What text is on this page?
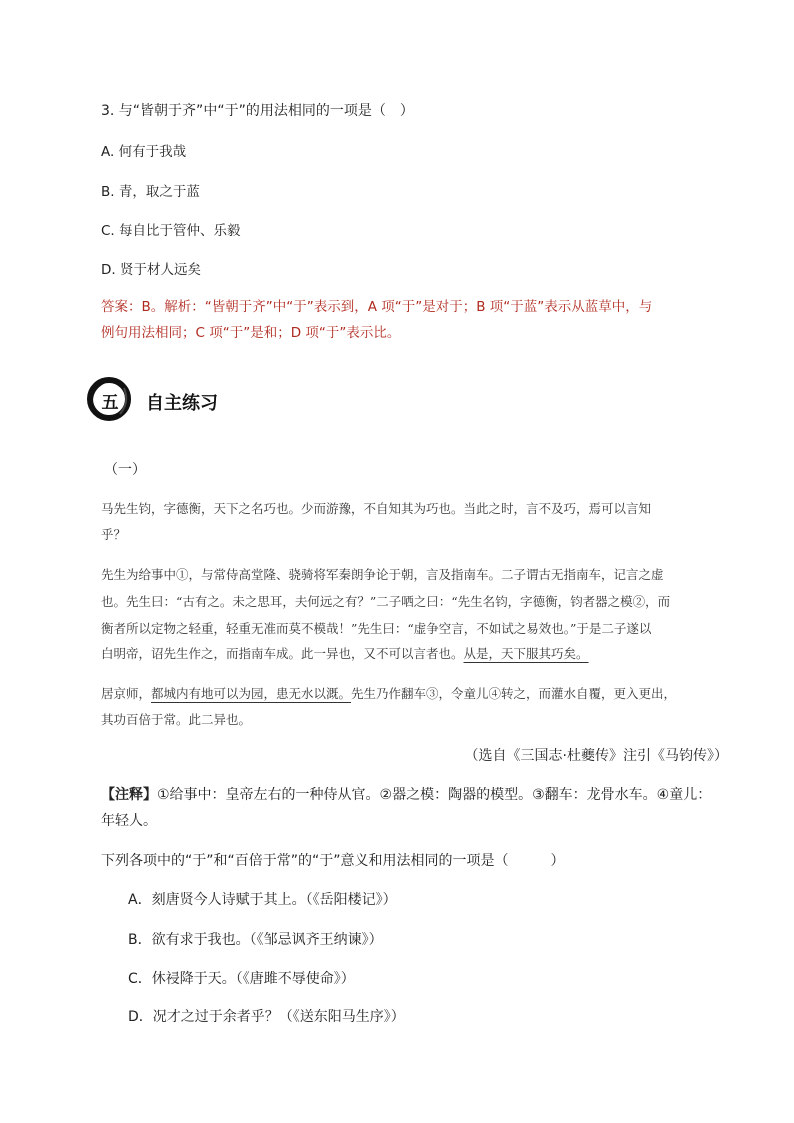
3. 与“皆朝于齐”中“于”的用法相同的一项是（　）
A. 何有于我哉
B. 青，取之于蓝
C. 每自比于管仲、乐毅
D. 贤于材人远矣
答案：B。解析：“皆朝于齐”中“于”表示到，A 项“于”是对于；B 项“于蓝”表示从蓝草中，与
例句用法相同；C 项“于”是和；D 项“于”表示比。
五	自主练习
（一）
马先生钧，字德衡，天下之名巧也。少而游豫，不自知其为巧也。当此之时，言不及巧，焉可以言知
乎？
先生为给事中①，与常侍高堂隆、骁骑将军秦朗争论于朝，言及指南车。二子谓古无指南车，记言之虚
也。先生曰：“古有之。未之思耳，夫何远之有？”二子哂之曰：“先生名钧，字德衡，钧者器之模②，而
衡者所以定物之轻重，轻重无准而莫不模哉！”先生曰：“虚争空言，不如试之易效也。”于是二子遂以
白明帝，诏先生作之，而指南车成。此一异也，又不可以言者也。从是，天下服其巧矣。
居京师，都城内有地可以为园，患无水以溉。先生乃作翻车③，令童儿④转之，而灌水自覆，更入更出，
其功百倍于常。此二异也。
（选自《三国志·杜夔传》注引《马钧传》）
【注释】①给事中：皇帝左右的一种侍从官。②器之模：陶器的模型。③翻车：龙骨水车。④童儿：
年轻人。
下列各项中的“于”和“百倍于常”的“于”意义和用法相同的一项是（　　　）
A．刻唐贤今人诗赋于其上。（《岳阳楼记》）
B．欲有求于我也。（《邹忌讽齐王纳谏》）
C．休祲降于天。（《唐雎不辱使命》）
D．况才之过于余者乎？（《送东阳马生序》）
